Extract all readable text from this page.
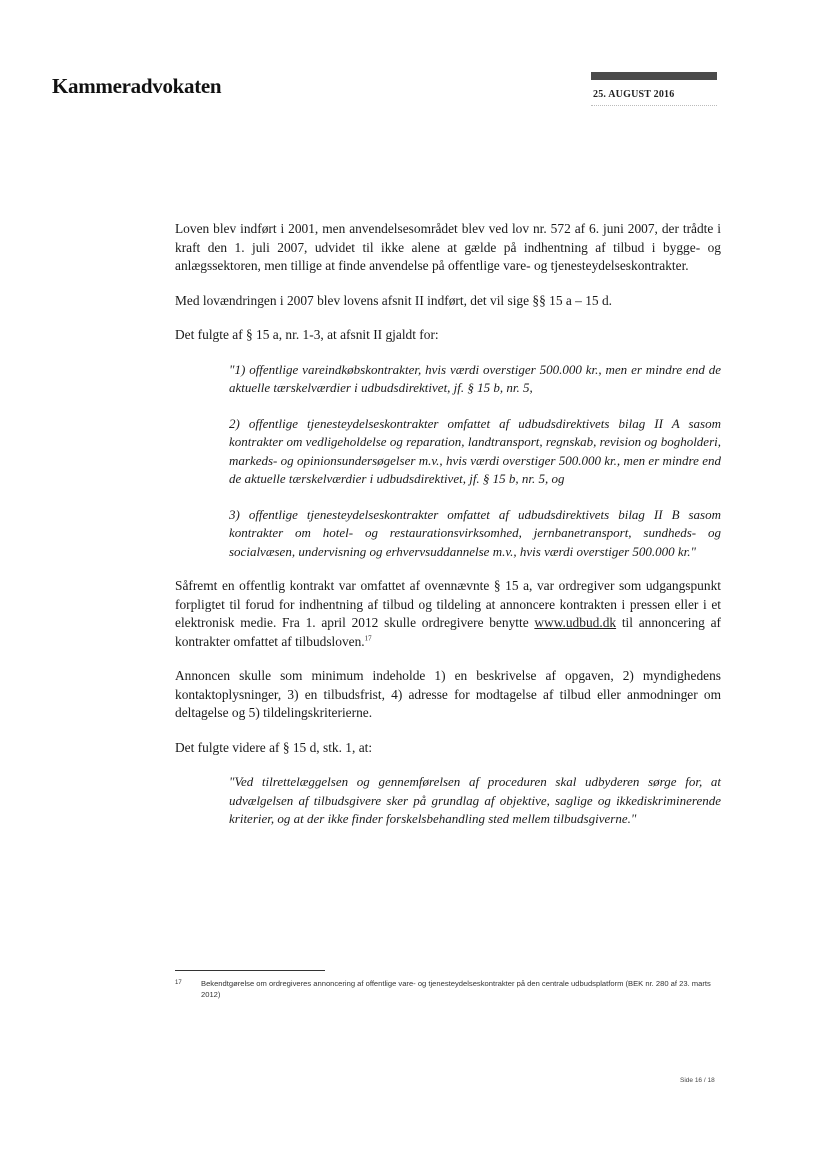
Kammeradvokaten	25. AUGUST 2016

Loven blev indført i 2001, men anvendelsesområdet blev ved lov nr. 572 af 6. juni 2007, der trådte i kraft den 1. juli 2007, udvidet til ikke alene at gælde på indhentning af tilbud i bygge- og anlægssektoren, men tillige at finde anvendelse på offentlige vare- og tjenesteydelseskontrakter.

Med lovændringen i 2007 blev lovens afsnit II indført, det vil sige §§ 15 a – 15 d.

Det fulgte af § 15 a, nr. 1-3, at afsnit II gjaldt for:

"1) offentlige vareindkøbskontrakter, hvis værdi overstiger 500.000 kr., men er mindre end de aktuelle tærskelværdier i udbudsdirektivet, jf. § 15 b, nr. 5,

2) offentlige tjenesteydelseskontrakter omfattet af udbudsdirektivets bilag II A sasom kontrakter om vedligeholdelse og reparation, landtransport, regnskab, revision og bogholderi, markeds- og opinionsundersøgelser m.v., hvis værdi overstiger 500.000 kr., men er mindre end de aktuelle tærskelværdier i udbudsdirektivet, jf. § 15 b, nr. 5, og

3) offentlige tjenesteydelseskontrakter omfattet af udbudsdirektivets bilag II B sasom kontrakter om hotel- og restaurationsvirksomhed, jernbanetransport, sundheds- og socialvæsen, undervisning og erhvervsuddannelse m.v., hvis værdi overstiger 500.000 kr."

Såfremt en offentlig kontrakt var omfattet af ovennævnte § 15 a, var ordregiver som udgangspunkt forpligtet til forud for indhentning af tilbud og tildeling at annoncere kontrakten i pressen eller i et elektronisk medie. Fra 1. april 2012 skulle ordregivere benytte www.udbud.dk til annoncering af kontrakter omfattet af tilbudsloven.$^{17}$

Annoncen skulle som minimum indeholde 1) en beskrivelse af opgaven, 2) myndighedens kontaktoplysninger, 3) en tilbudsfrist, 4) adresse for modtagelse af tilbud eller anmodninger om deltagelse og 5) tildelingskriterierne.

Det fulgte videre af § 15 d, stk. 1, at:

"Ved tilrettelæggelsen og gennemførelsen af proceduren skal udbyderen sørge for, at udvælgelsen af tilbudsgivere sker på grundlag af objektive, saglige og ikkediskriminerende kriterier, og at der ikke finder forskelsbehandling sted mellem tilbudsgiverne."

17	Bekendtgørelse om ordregiveres annoncering af offentlige vare- og tjenesteydelseskontrakter på den centrale udbudsplatform (BEK nr. 280 af 23. marts 2012)
Side 16 / 18
